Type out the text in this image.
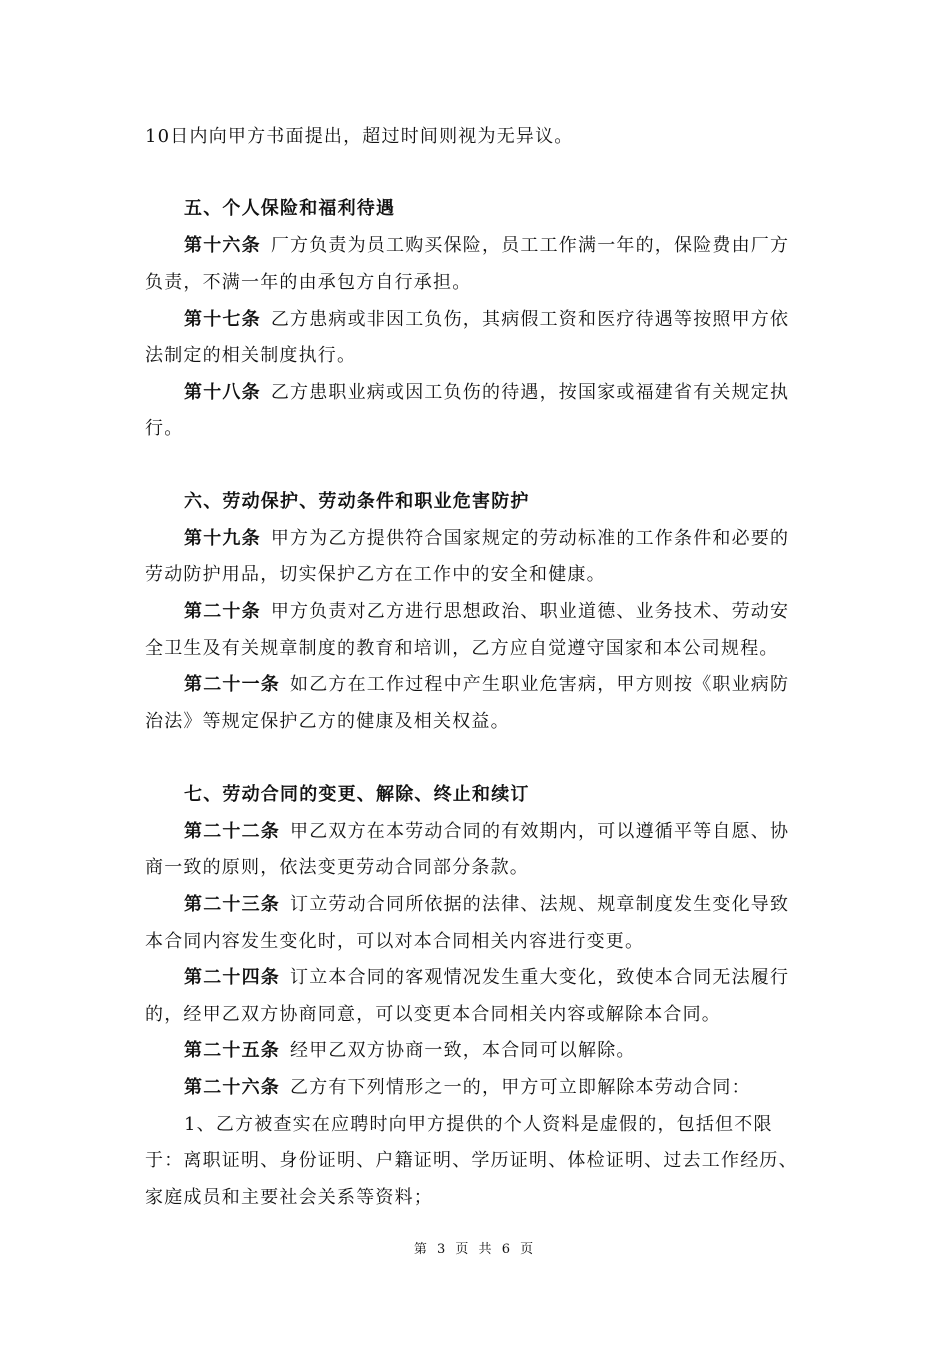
10日内向甲方书面提出，超过时间则视为无异议。
五、个人保险和福利待遇
第十六条 厂方负责为员工购买保险，员工工作满一年的，保险费由厂方
负责，不满一年的由承包方自行承担。
第十七条 乙方患病或非因工负伤，其病假工资和医疗待遇等按照甲方依
法制定的相关制度执行。
第十八条 乙方患职业病或因工负伤的待遇，按国家或福建省有关规定执
行。
六、劳动保护、劳动条件和职业危害防护
第十九条 甲方为乙方提供符合国家规定的劳动标准的工作条件和必要的
劳动防护用品，切实保护乙方在工作中的安全和健康。
第二十条 甲方负责对乙方进行思想政治、职业道德、业务技术、劳动安
全卫生及有关规章制度的教育和培训，乙方应自觉遵守国家和本公司规程。
第二十一条 如乙方在工作过程中产生职业危害病，甲方则按《职业病防
治法》等规定保护乙方的健康及相关权益。
七、劳动合同的变更、解除、终止和续订
第二十二条 甲乙双方在本劳动合同的有效期内，可以遵循平等自愿、协
商一致的原则，依法变更劳动合同部分条款。
第二十三条 订立劳动合同所依据的法律、法规、规章制度发生变化导致
本合同内容发生变化时，可以对本合同相关内容进行变更。
第二十四条 订立本合同的客观情况发生重大变化，致使本合同无法履行
的，经甲乙双方协商同意，可以变更本合同相关内容或解除本合同。
第二十五条 经甲乙双方协商一致，本合同可以解除。
第二十六条 乙方有下列情形之一的，甲方可立即解除本劳动合同：
1、乙方被查实在应聘时向甲方提供的个人资料是虚假的，包括但不限
于：离职证明、身份证明、户籍证明、学历证明、体检证明、过去工作经历、
家庭成员和主要社会关系等资料；
第 3 页 共 6 页
